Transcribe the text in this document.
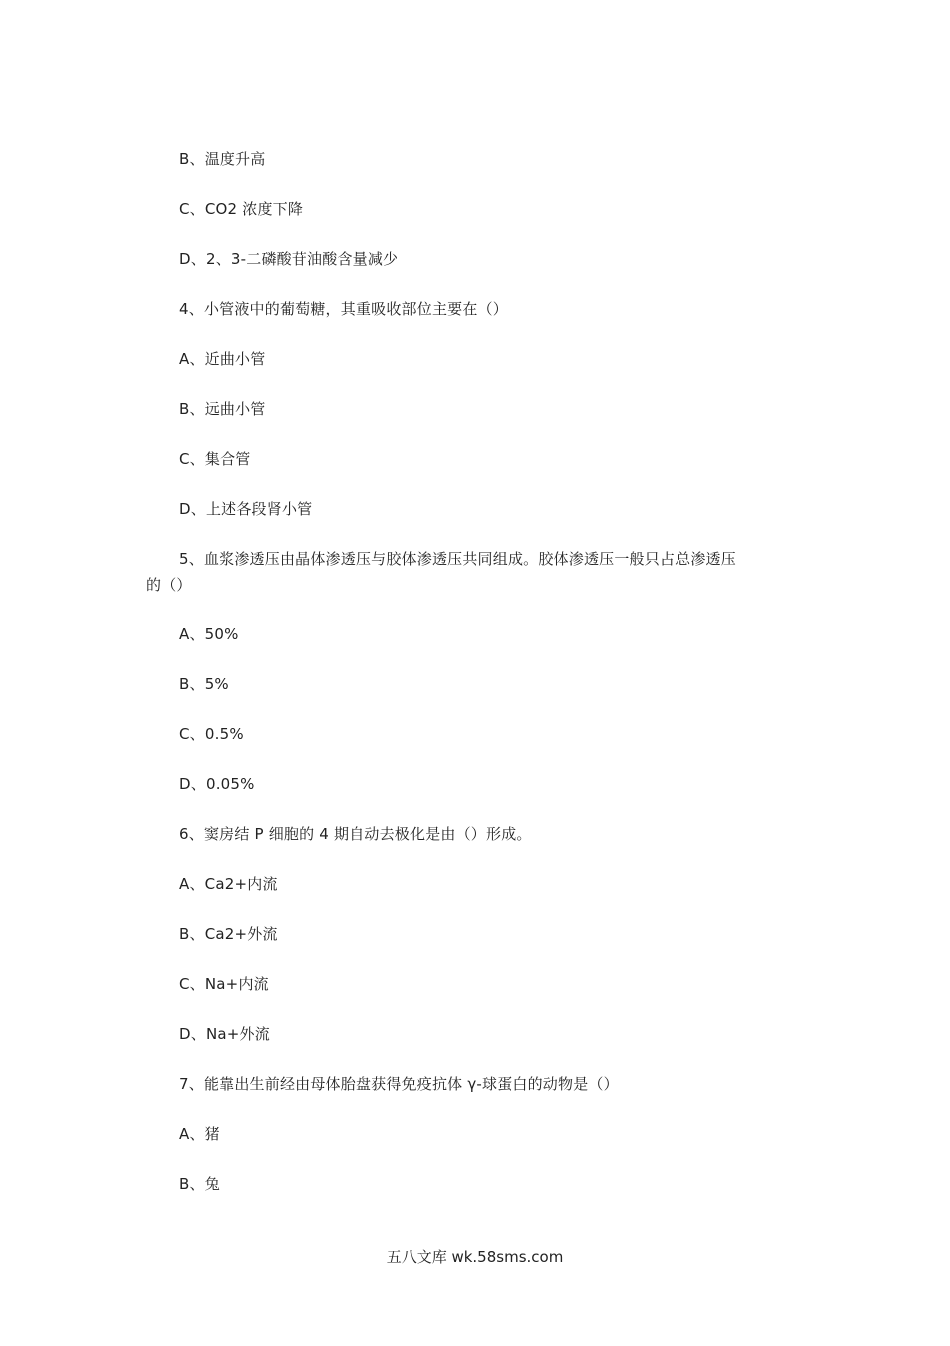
B、温度升高
C、CO2 浓度下降
D、2、3-二磷酸苷油酸含量减少
4、小管液中的葡萄糖，其重吸收部位主要在（）
A、近曲小管
B、远曲小管
C、集合管
D、上述各段肾小管
5、血浆渗透压由晶体渗透压与胶体渗透压共同组成。胶体渗透压一般只占总渗透压
的（）
A、50%
B、5%
C、0.5%
D、0.05%
6、窦房结 P 细胞的 4 期自动去极化是由（）形成。
A、Ca2+内流
B、Ca2+外流
C、Na+内流
D、Na+外流
7、能靠出生前经由母体胎盘获得免疫抗体 γ-球蛋白的动物是（）
A、猪
B、兔
五八文库 wk.58sms.com
